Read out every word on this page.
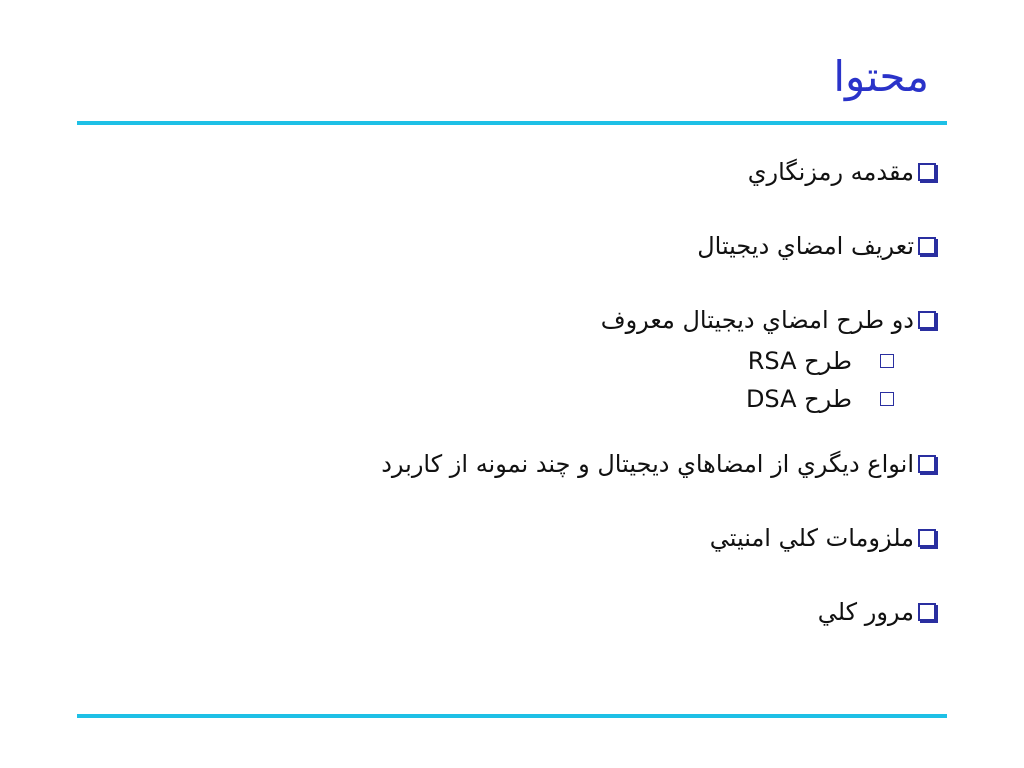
محتوا
مقدمه رمزنگاري
تعريف امضاي ديجيتال
دو طرح امضاي ديجيتال معروف
طرح RSA
طرح DSA
انواع ديگري از امضاهاي ديجيتال و چند نمونه از كاربرد
ملزومات كلي امنيتي
مرور كلي
